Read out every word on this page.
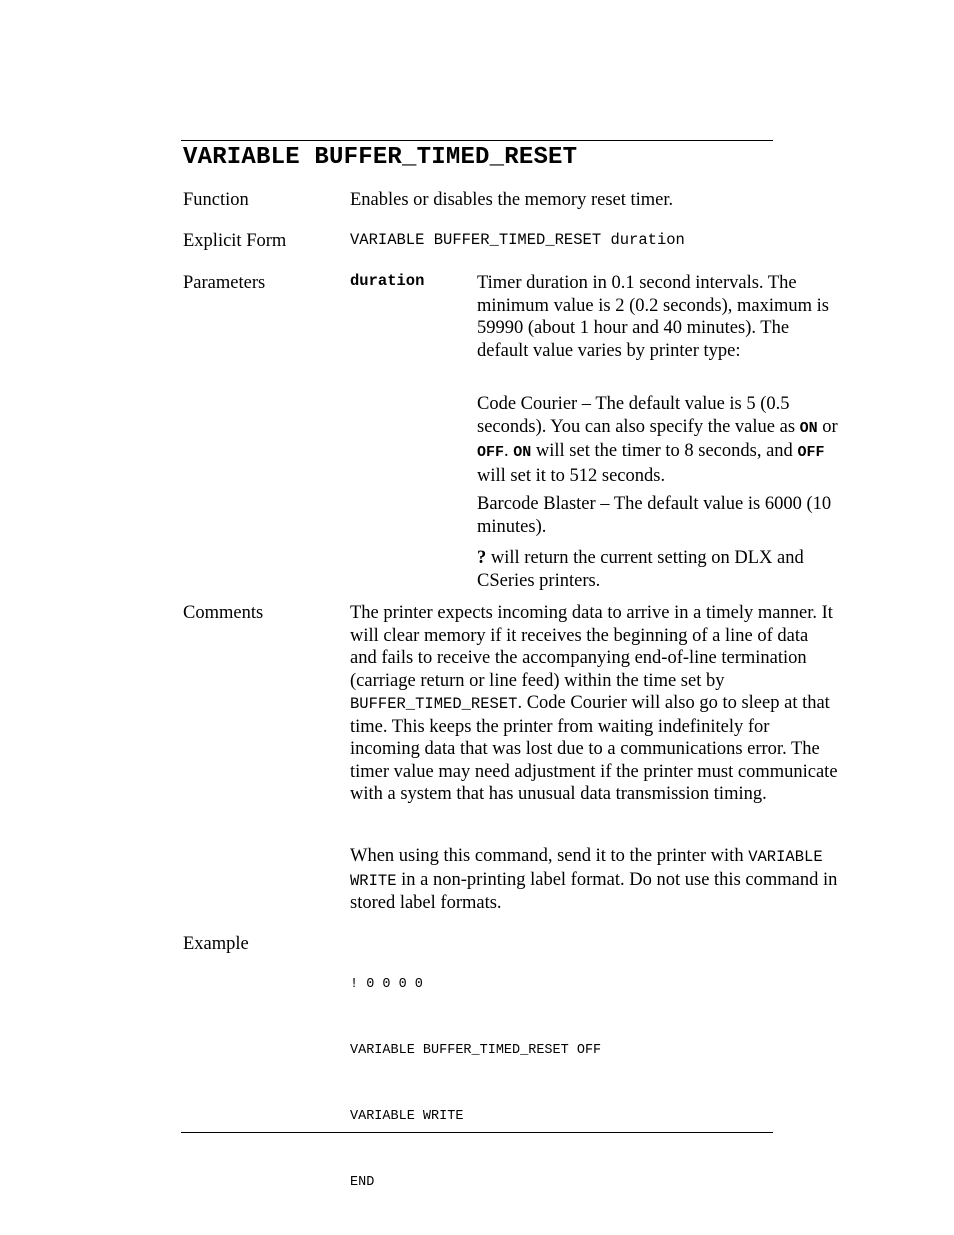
VARIABLE BUFFER_TIMED_RESET
Function	Enables or disables the memory reset timer.
Explicit Form	VARIABLE BUFFER_TIMED_RESET duration
Parameters	duration	Timer duration in 0.1 second intervals. The minimum value is 2 (0.2 seconds), maximum is 59990 (about 1 hour and 40 minutes). The default value varies by printer type:

Code Courier – The default value is 5 (0.5 seconds). You can also specify the value as ON or OFF. ON will set the timer to 8 seconds, and OFF will set it to 512 seconds.

Barcode Blaster – The default value is 6000 (10 minutes).

? will return the current setting on DLX and CSeries printers.

Comments	The printer expects incoming data to arrive in a timely manner. It will clear memory if it receives the beginning of a line of data and fails to receive the accompanying end-of-line termination (carriage return or line feed) within the time set by BUFFER_TIMED_RESET. Code Courier will also go to sleep at that time. This keeps the printer from waiting indefinitely for incoming data that was lost due to a communications error. The timer value may need adjustment if the printer must communicate with a system that has unusual data transmission timing.

When using this command, send it to the printer with VARIABLE WRITE in a non-printing label format. Do not use this command in stored label formats.

Example

! 0 0 0 0

VARIABLE BUFFER_TIMED_RESET OFF

VARIABLE WRITE

END
